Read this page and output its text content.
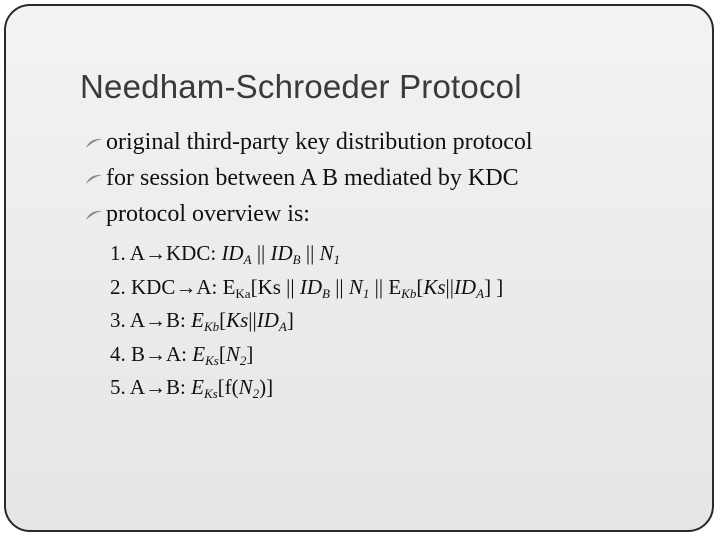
Needham-Schroeder Protocol
original third-party key distribution protocol
for session between A B mediated by KDC
protocol overview is:
1. A→KDC: $ID_A$ || $ID_B$ || $N_1$
2. KDC→A: $E_{Ka}[Ks$ || $ID_B$ || $N_1$ || $E_{Kb}[Ks||ID_A]$ ]
3. A→B: $E_{Kb}[Ks||ID_A]$
4. B→A: $E_{Ks}[N_2]$
5. A→B: $E_{Ks}[f(N_2)]$
